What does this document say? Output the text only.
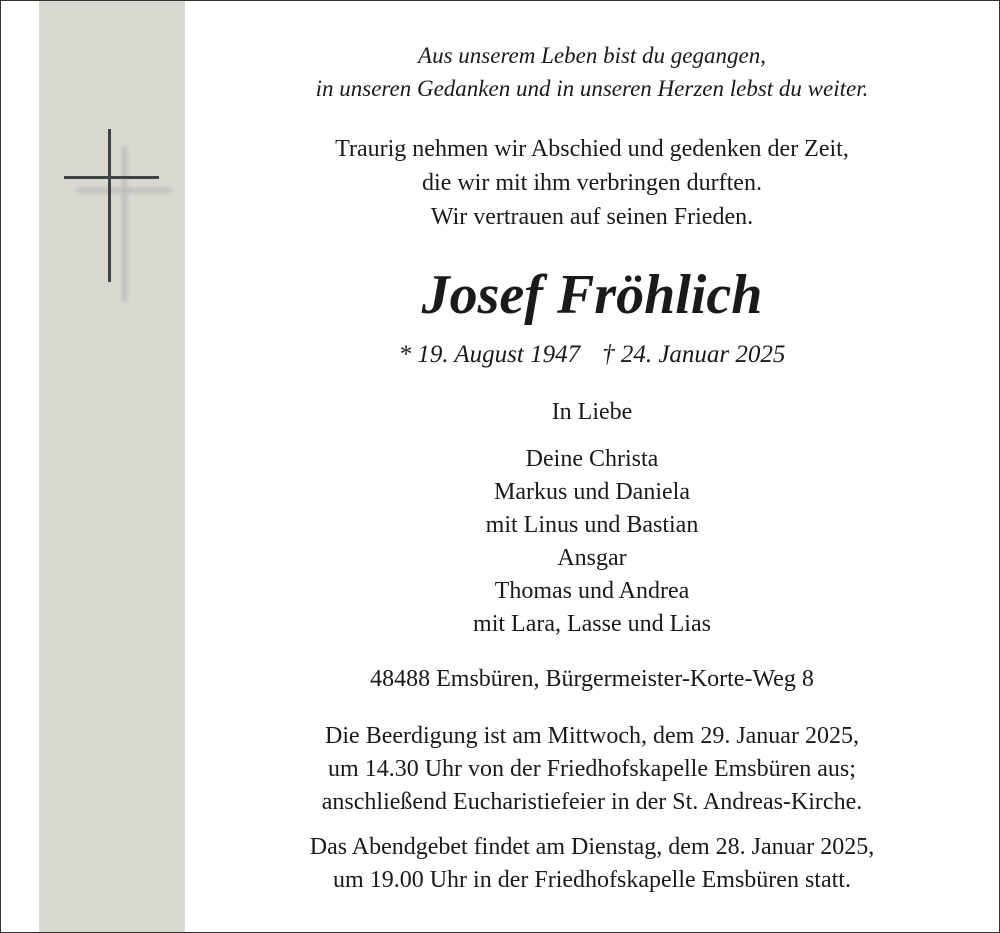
Aus unserem Leben bist du gegangen,
in unseren Gedanken und in unseren Herzen lebst du weiter.
Traurig nehmen wir Abschied und gedenken der Zeit,
die wir mit ihm verbringen durften.
Wir vertrauen auf seinen Frieden.
Josef Fröhlich
* 19. August 1947 † 24. Januar 2025
In Liebe
Deine Christa
Markus und Daniela
mit Linus und Bastian
Ansgar
Thomas und Andrea
mit Lara, Lasse und Lias
48488 Emsbüren, Bürgermeister-Korte-Weg 8
Die Beerdigung ist am Mittwoch, dem 29. Januar 2025,
um 14.30 Uhr von der Friedhofskapelle Emsbüren aus;
anschließend Eucharistiefeier in der St. Andreas-Kirche.
Das Abendgebet findet am Dienstag, dem 28. Januar 2025,
um 19.00 Uhr in der Friedhofskapelle Emsbüren statt.
